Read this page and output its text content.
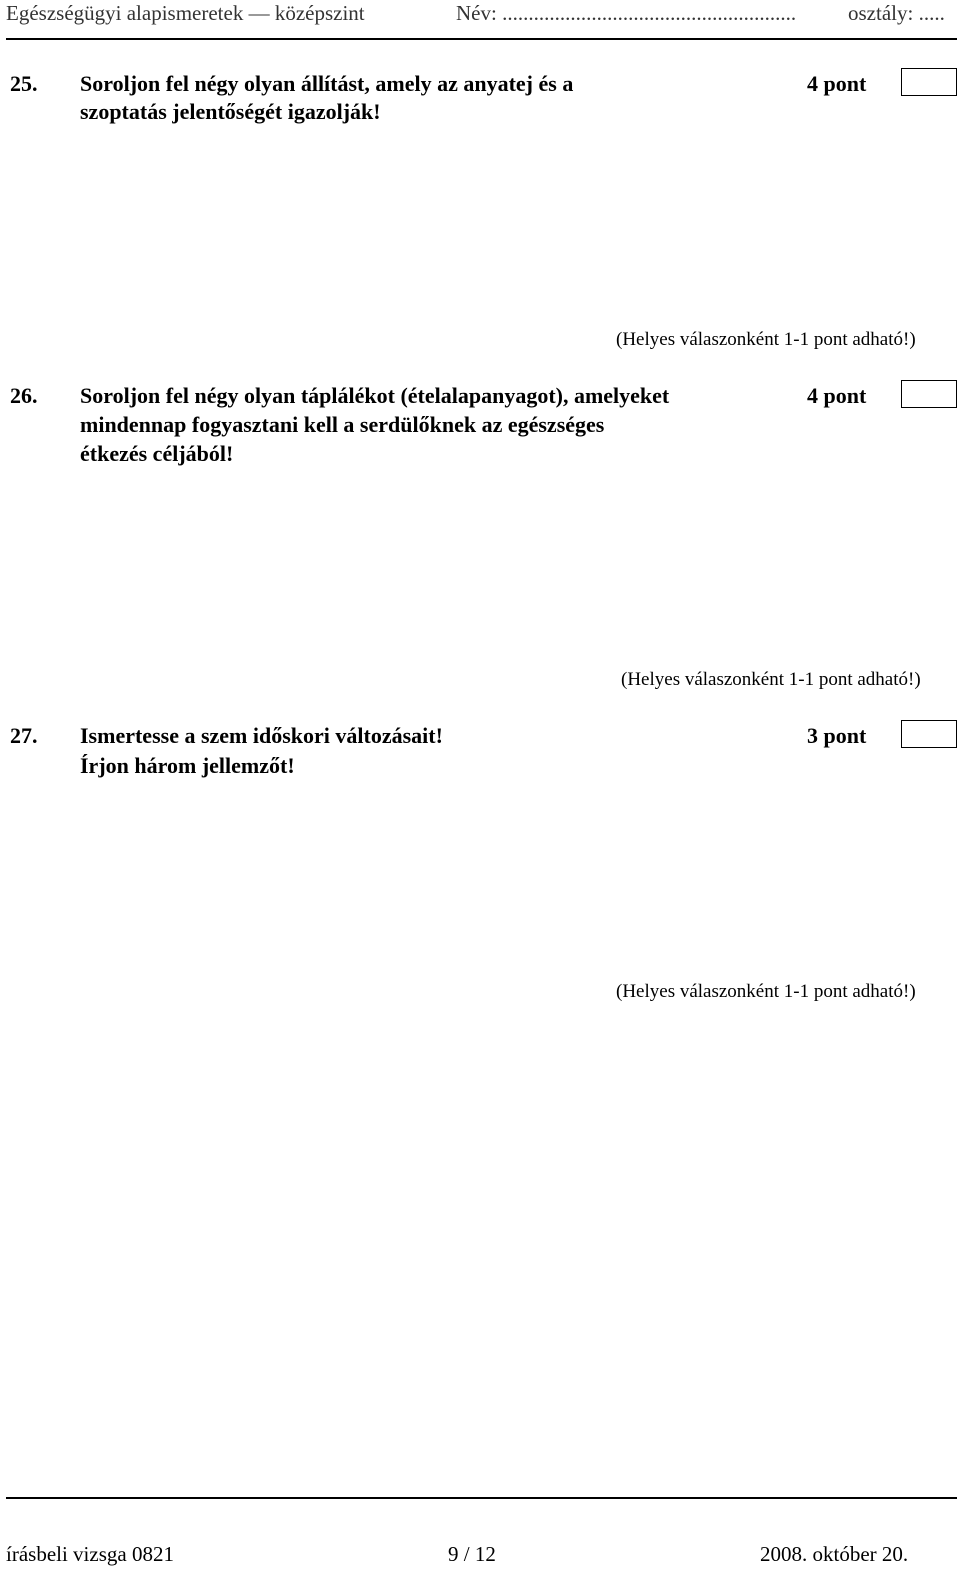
Egészségügyi alapismeretek — középszint	Név: ........................................................ osztály: .....
25. Soroljon fel négy olyan állítást, amely az anyatej és a
szoptatás jelentőségét igazolják!
4 pont
(Helyes válaszonként 1-1 pont adható!)
26. Soroljon fel négy olyan táplálékot (ételalapanyagot), amelyeket
mindennap fogyasztani kell a serdülőknek az egészséges
étkezés céljából!
4 pont
(Helyes válaszonként 1-1 pont adható!)
27. Ismertesse a szem időskori változásait!
Írjon három jellemzőt!
3 pont
(Helyes válaszonként 1-1 pont adható!)
írásbeli vizsga 0821	9 / 12	2008. október 20.
